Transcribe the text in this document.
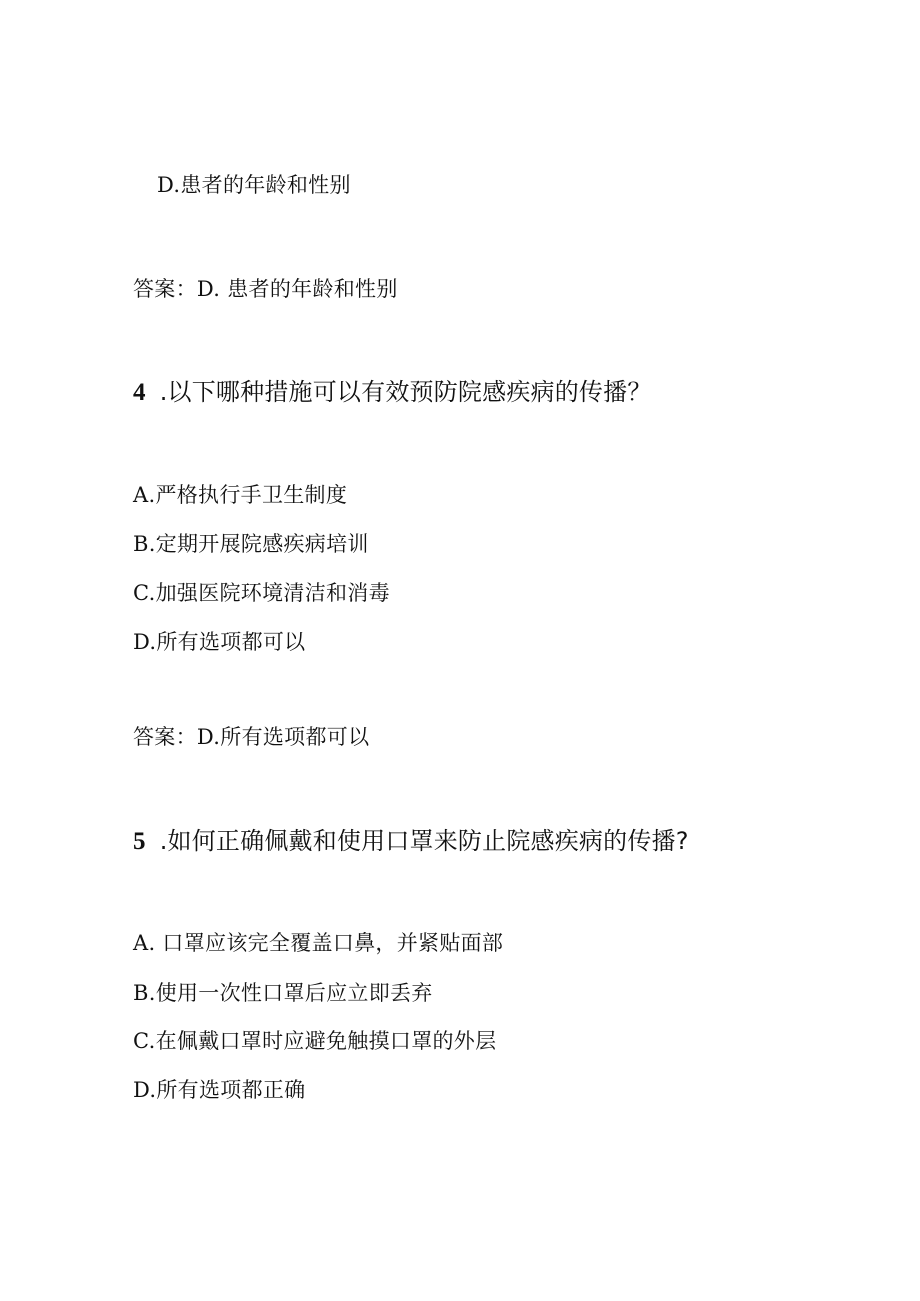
D.患者的年龄和性别
答案：D. 患者的年龄和性别
4 .以下哪种措施可以有效预防院感疾病的传播？
A.严格执行手卫生制度
B.定期开展院感疾病培训
C.加强医院环境清洁和消毒
D.所有选项都可以
答案：D.所有选项都可以
5 .如何正确佩戴和使用口罩来防止院感疾病的传播?
A. 口罩应该完全覆盖口鼻，并紧贴面部
B.使用一次性口罩后应立即丢弃
C.在佩戴口罩时应避免触摸口罩的外层
D.所有选项都正确
